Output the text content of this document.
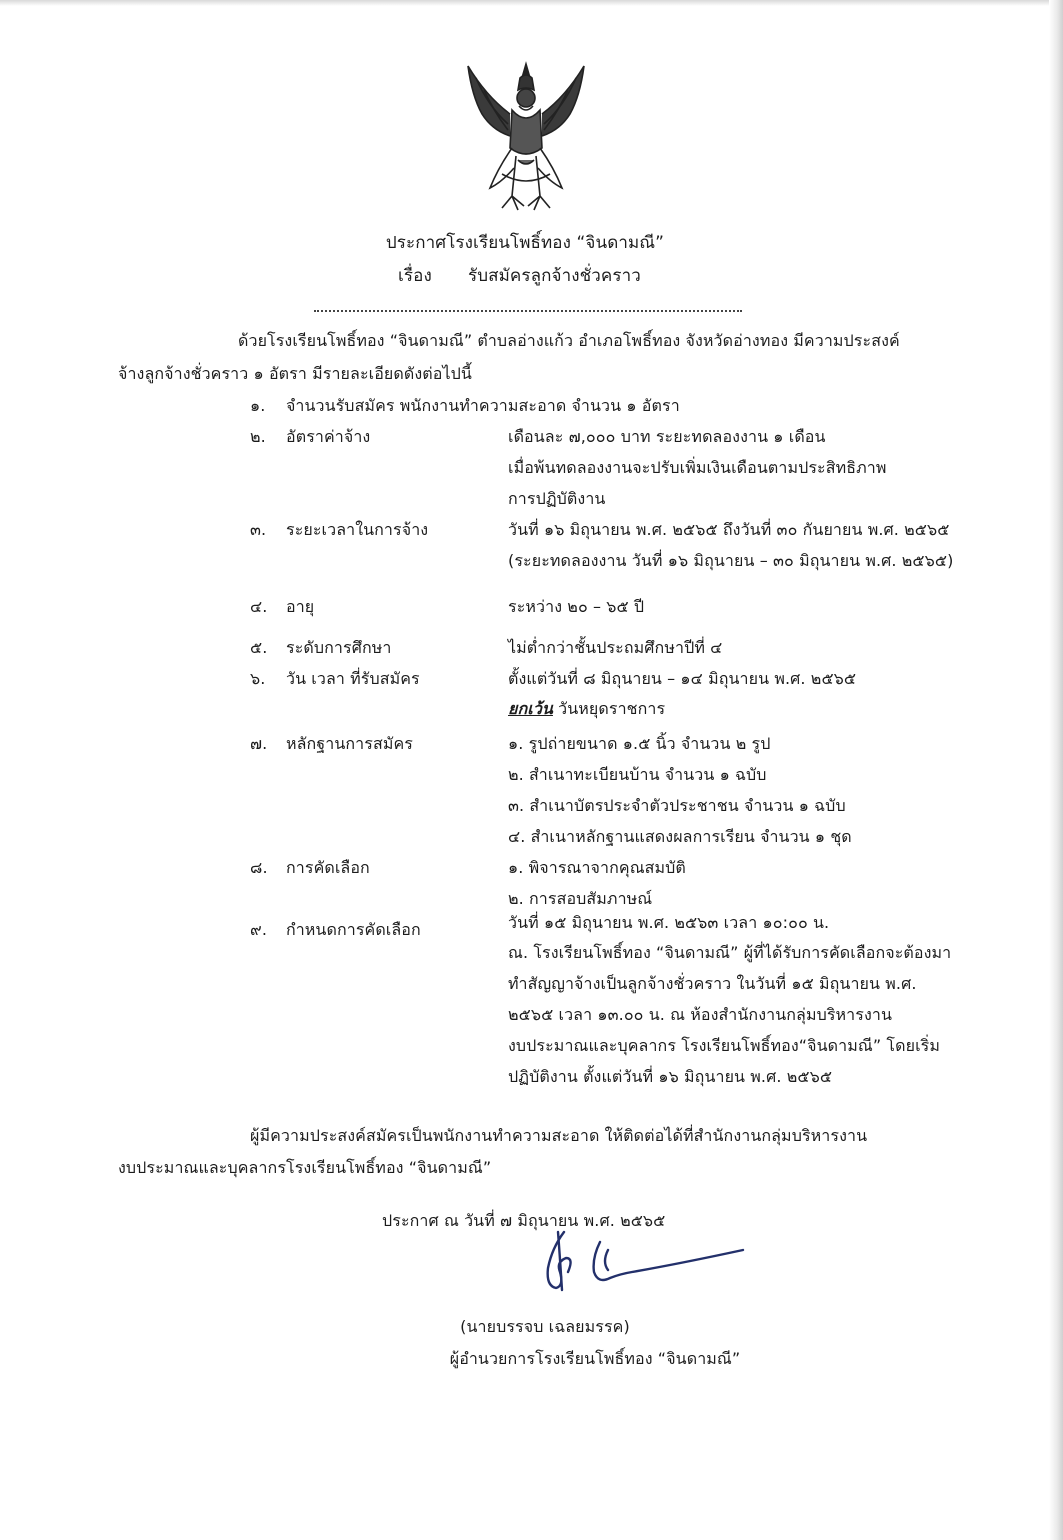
ประกาศโรงเรียนโพธิ์ทอง “จินดามณี”
เรื่อง รับสมัครลูกจ้างชั่วคราว
ด้วยโรงเรียนโพธิ์ทอง “จินดามณี” ตำบลอ่างแก้ว อำเภอโพธิ์ทอง จังหวัดอ่างทอง มีความประสงค์
จ้างลูกจ้างชั่วคราว ๑ อัตรา มีรายละเอียดดังต่อไปนี้
๑. จำนวนรับสมัคร พนักงานทำความสะอาด จำนวน ๑ อัตรา
๒. อัตราค่าจ้าง	เดือนละ ๗,๐๐๐ บาท ระยะทดลองงาน ๑ เดือน
เมื่อพ้นทดลองงานจะปรับเพิ่มเงินเดือนตามประสิทธิภาพ
การปฏิบัติงาน
๓. ระยะเวลาในการจ้าง	วันที่ ๑๖ มิถุนายน พ.ศ. ๒๕๖๕ ถึงวันที่ ๓๐ กันยายน พ.ศ. ๒๕๖๕
(ระยะทดลองงาน วันที่ ๑๖ มิถุนายน – ๓๐ มิถุนายน พ.ศ. ๒๕๖๕)
๔. อายุ	ระหว่าง ๒๐ – ๖๕ ปี
๕. ระดับการศึกษา	ไม่ต่ำกว่าชั้นประถมศึกษาปีที่ ๔
๖. วัน เวลา ที่รับสมัคร	ตั้งแต่วันที่ ๘ มิถุนายน – ๑๔ มิถุนายน พ.ศ. ๒๕๖๕
ยกเว้น วันหยุดราชการ
๗. หลักฐานการสมัคร	๑. รูปถ่ายขนาด ๑.๕ นิ้ว จำนวน ๒ รูป
๒. สำเนาทะเบียนบ้าน จำนวน ๑ ฉบับ
๓. สำเนาบัตรประจำตัวประชาชน จำนวน ๑ ฉบับ
๔. สำเนาหลักฐานแสดงผลการเรียน จำนวน ๑ ชุด
๘. การคัดเลือก	๑. พิจารณาจากคุณสมบัติ
๒. การสอบสัมภาษณ์
๙. กำหนดการคัดเลือก	วันที่ ๑๕ มิถุนายน พ.ศ. ๒๕๖๓ เวลา ๑๐:๐๐ น.
ณ. โรงเรียนโพธิ์ทอง “จินดามณี” ผู้ที่ได้รับการคัดเลือกจะต้องมา
ทำสัญญาจ้างเป็นลูกจ้างชั่วคราว ในวันที่ ๑๕ มิถุนายน พ.ศ.
๒๕๖๕ เวลา ๑๓.๐๐ น. ณ ห้องสำนักงานกลุ่มบริหารงาน
งบประมาณและบุคลากร โรงเรียนโพธิ์ทอง“จินดามณี” โดยเริ่ม
ปฏิบัติงาน ตั้งแต่วันที่ ๑๖ มิถุนายน พ.ศ. ๒๕๖๕
ผู้มีความประสงค์สมัครเป็นพนักงานทำความสะอาด ให้ติดต่อได้ที่สำนักงานกลุ่มบริหารงาน
งบประมาณและบุคลากรโรงเรียนโพธิ์ทอง “จินดามณี”
ประกาศ ณ วันที่ ๗ มิถุนายน พ.ศ. ๒๕๖๕
(นายบรรจบ เฉลยมรรค)
ผู้อำนวยการโรงเรียนโพธิ์ทอง “จินดามณี”
